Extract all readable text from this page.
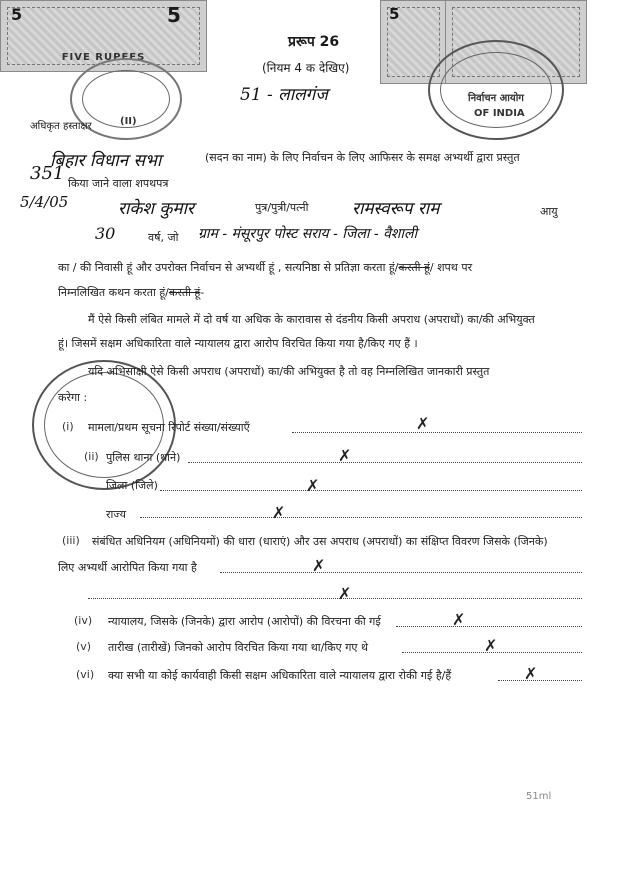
5	5
FIVE RUPEES
5
(II)
निर्वाचन आयोग
OF INDIA
प्ररूप 26
(नियम 4 क देखिए)
51 - लालगंज
अधिकृत हस्ताक्षर
351
5/4/05
बिहार विधान सभा	(सदन का नाम) के लिए निर्वाचन के लिए आफिसर के समक्ष अभ्यर्थी द्वारा प्रस्तुत
किया जाने वाला शपथपत्र
राकेश कुमार	पुत्र/पुत्री/पत्नी	रामस्वरूप राम	आयु
30	वर्ष, जो ग्राम - मंसूरपुर पोस्ट सराय - जिला - वैशाली
का / की निवासी हूं और उपरोक्त निर्वाचन से अभ्यर्थी हूं , सत्यनिष्ठा से प्रतिज्ञा करता हूं/करती हूं/ शपथ पर
निम्नलिखित कथन करता हूं/करती हूं-
मैं ऐसे किसी लंबित मामले में दो वर्ष या अधिक के कारावास से दंडनीय किसी अपराध (अपराधों) का/की अभियुक्त
हूं। जिसमें सक्षम अधिकारिता वाले न्यायालय द्वारा आरोप विरचित किया गया है/किए गए हैं ।
यदि अभिसाक्षी ऐसे किसी अपराध (अपराधों) का/की अभियुक्त है तो वह निम्नलिखित जानकारी प्रस्तुत
करेगा :
(i) मामला/प्रथम सूचना रिपोर्ट संख्या/संख्याएँ	✗
(ii) पुलिस थाना (थाने)	✗
जिला (जिले)	✗
राज्य	✗
(iii) संबंधित अधिनियम (अधिनियमों) की धारा (धाराएं) और उस अपराध (अपराधों) का संक्षिप्त विवरण जिसके (जिनके)
लिए अभ्यर्थी आरोपित किया गया है	✗
✗
(iv) न्यायालय, जिसके (जिनके) द्वारा आरोप (आरोपों) की विरचना की गई	✗
(v) तारीख (तारीखें) जिनको आरोप विरचित किया गया था/किए गए थे	✗
(vi) क्या सभी या कोई कार्यवाही किसी सक्षम अधिकारिता वाले न्यायालय द्वारा रोकी गई है/हैं	✗
51ml
